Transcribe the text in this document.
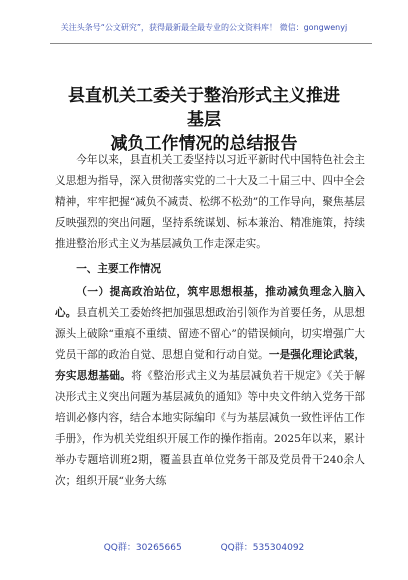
关注头条号“公文研究”，获得最新最全最专业的公文资料库！ 微信：gongwenyj
县直机关工委关于整治形式主义推进基层
减负工作情况的总结报告

今年以来，县直机关工委坚持以习近平新时代中国特色社会主义思想为指导，深入贯彻落实党的二十大及二十届三中、四中全会精神，牢牢把握“减负不减责、松绑不松劲”的工作导向，聚焦基层反映强烈的突出问题，坚持系统谋划、标本兼治、精准施策，持续推进整治形式主义为基层减负工作走深走实。

一、主要工作情况

（一）提高政治站位，筑牢思想根基，推动减负理念入脑入心。县直机关工委始终把加强思想政治引领作为首要任务，从思想源头上破除“重痕不重绩、留迹不留心”的错误倾向，切实增强广大党员干部的政治自觉、思想自觉和行动自觉。一是强化理论武装，夯实思想基础。将《整治形式主义为基层减负若干规定》《关于解决形式主义突出问题为基层减负的通知》等中央文件纳入党务干部培训必修内容，结合本地实际编印《与为基层减负一致性评估工作手册》，作为机关党组织开展工作的操作指南。2025年以来，累计举办专题培训班2期，覆盖县直单位党务干部及党员骨干240余人次；组织开展“业务大练

QQ群：30265665	QQ群：535304092
